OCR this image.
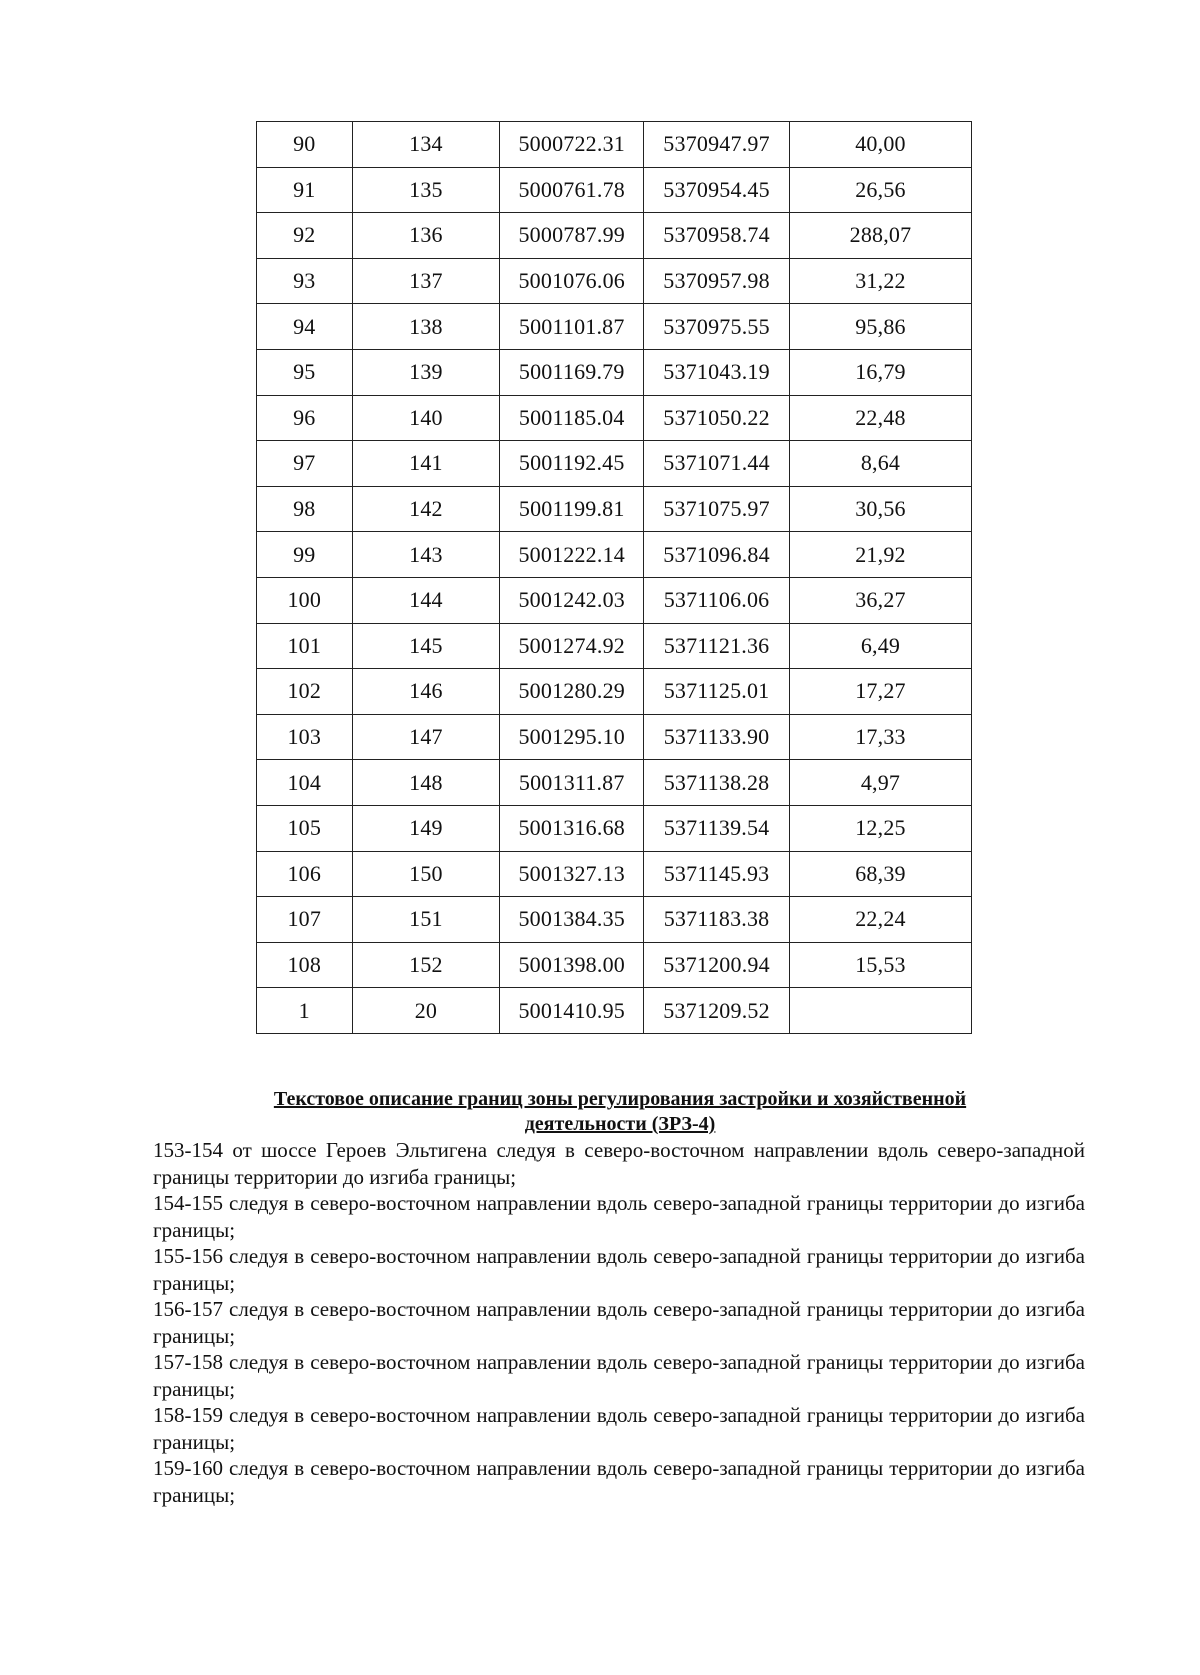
90	134	5000722.31	5370947.97	40,00
91	135	5000761.78	5370954.45	26,56
92	136	5000787.99	5370958.74	288,07
93	137	5001076.06	5370957.98	31,22
94	138	5001101.87	5370975.55	95,86
95	139	5001169.79	5371043.19	16,79
96	140	5001185.04	5371050.22	22,48
97	141	5001192.45	5371071.44	8,64
98	142	5001199.81	5371075.97	30,56
99	143	5001222.14	5371096.84	21,92
100	144	5001242.03	5371106.06	36,27
101	145	5001274.92	5371121.36	6,49
102	146	5001280.29	5371125.01	17,27
103	147	5001295.10	5371133.90	17,33
104	148	5001311.87	5371138.28	4,97
105	149	5001316.68	5371139.54	12,25
106	150	5001327.13	5371145.93	68,39
107	151	5001384.35	5371183.38	22,24
108	152	5001398.00	5371200.94	15,53
1	20	5001410.95	5371209.52	
Текстовое описание границ зоны регулирования застройки и хозяйственной
деятельности (ЗРЗ-4)

153-154 от шоссе Героев Эльтигена следуя в северо-восточном направлении вдоль северо-западной границы территории до изгиба границы;

154-155 следуя в северо-восточном направлении вдоль северо-западной границы территории до изгиба границы;

155-156 следуя в северо-восточном направлении вдоль северо-западной границы территории до изгиба границы;

156-157 следуя в северо-восточном направлении вдоль северо-западной границы территории до изгиба границы;

157-158 следуя в северо-восточном направлении вдоль северо-западной границы территории до изгиба границы;

158-159 следуя в северо-восточном направлении вдоль северо-западной границы территории до изгиба границы;

159-160 следуя в северо-восточном направлении вдоль северо-западной границы территории до изгиба границы;
